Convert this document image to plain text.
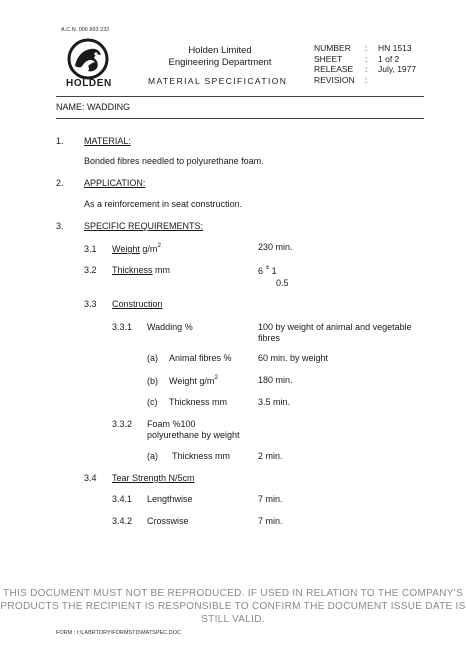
A.C.N. 006 893 232
HOLDEN
Holden Limited
Engineering Department
MATERIAL SPECIFICATION
NUMBER	:	HN 1513
SHEET	:	1 of 2
RELEASE	:	July, 1977
REVISION	:	
NAME: WADDING
1. MATERIAL:
Bonded fibres needled to polyurethane foam.
2. APPLICATION:
As a reinforcement in seat construction.
3. SPECIFIC REQUIREMENTS:
3.1 Weight $g/m^2$	230 min.
3.2 Thickness mm	6 ± 1
0.5
3.3 Construction
3.3.1 Wadding %	100 by weight of animal and vegetable
fibres
(a) Animal fibres %	60 min. by weight
(b) Weight $g/m^2$	180 min.
(c) Thickness mm	3.5 min.
3.3.2 Foam %100
polyurethane by weight
(a) Thickness mm	2 min.
3.4 Tear Strength N/5cm
3.4.1 Lengthwise	7 min.
3.4.2 Crosswise	7 min.
THIS DOCUMENT MUST NOT BE REPRODUCED. IF USED IN RELATION TO THE COMPANY'S PRODUCTS THE RECIPIENT IS RESPONSIBLE TO CONFIRM THE DOCUMENT ISSUE DATE IS STILL VALID.
FORM : I:\LABRTORY\FORMSTD\MATSPEC.DOC
